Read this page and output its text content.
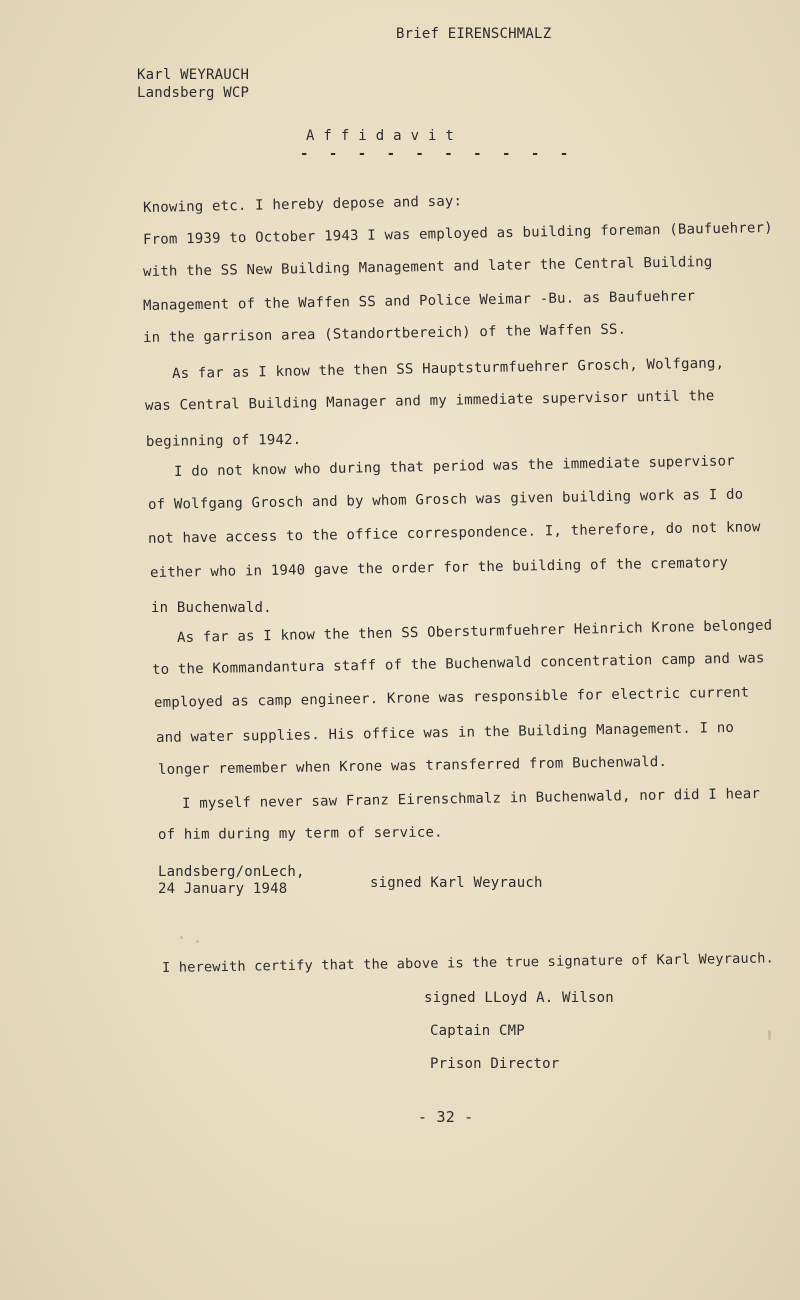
Brief EIRENSCHMALZ
Karl WEYRAUCH
Landsberg WCP
Affidavit
- - - - - - - - - -
Knowing etc. I hereby depose and say:
From 1939 to October 1943 I was employed as building foreman (Baufuehrer)
with the SS New Building Management and later the Central Building
Management of the Waffen SS and Police Weimar -Bu. as Baufuehrer
in the garrison area (Standortbereich) of the Waffen SS.
As far as I know the then SS Hauptsturmfuehrer Grosch, Wolfgang,
was Central Building Manager and my immediate supervisor until the
beginning of 1942.
I do not know who during that period was the immediate supervisor
of Wolfgang Grosch and by whom Grosch was given building work as I do
not have access to the office correspondence. I, therefore, do not know
either who in 1940 gave the order for the building of the crematory
in Buchenwald.
As far as I know the then SS Obersturmfuehrer Heinrich Krone belonged
to the Kommandantura staff of the Buchenwald concentration camp and was
employed as camp engineer. Krone was responsible for electric current
and water supplies. His office was in the Building Management. I no
longer remember when Krone was transferred from Buchenwald.
I myself never saw Franz Eirenschmalz in Buchenwald, nor did I hear
of him during my term of service.
Landsberg/onLech,
24 January 1948	signed Karl Weyrauch
I herewith certify that the above is the true signature of Karl Weyrauch.
signed LLoyd A. Wilson
Captain CMP
Prison Director
- 32 -
